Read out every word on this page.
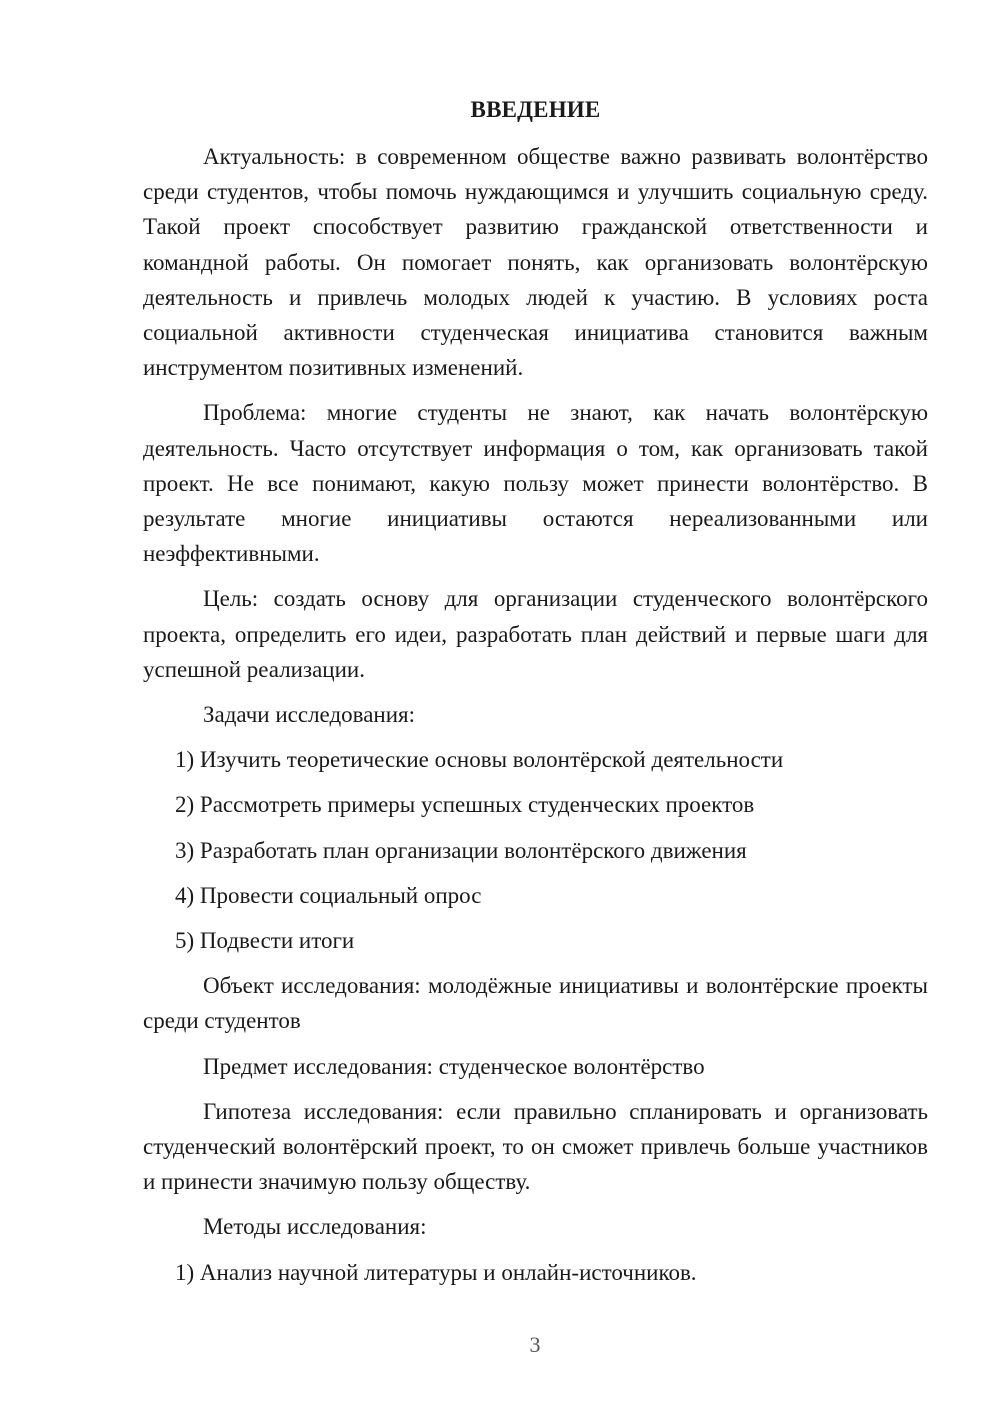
ВВЕДЕНИЕ

Актуальность: в современном обществе важно развивать волонтёрство среди студентов, чтобы помочь нуждающимся и улучшить социальную среду. Такой проект способствует развитию гражданской ответственности и командной работы. Он помогает понять, как организовать волонтёрскую деятельность и привлечь молодых людей к участию. В условиях роста социальной активности студенческая инициатива становится важным инструментом позитивных изменений.

Проблема: многие студенты не знают, как начать волонтёрскую деятельность. Часто отсутствует информация о том, как организовать такой проект. Не все понимают, какую пользу может принести волонтёрство. В результате многие инициативы остаются нереализованными или неэффективными.

Цель: создать основу для организации студенческого волонтёрского проекта, определить его идеи, разработать план действий и первые шаги для успешной реализации.

Задачи исследования:

1) Изучить теоретические основы волонтёрской деятельности
2) Рассмотреть примеры успешных студенческих проектов
3) Разработать план организации волонтёрского движения
4) Провести социальный опрос
5) Подвести итоги

Объект исследования: молодёжные инициативы и волонтёрские проекты среди студентов

Предмет исследования: студенческое волонтёрство

Гипотеза исследования: если правильно спланировать и организовать студенческий волонтёрский проект, то он сможет привлечь больше участников и принести значимую пользу обществу.

Методы исследования:

1) Анализ научной литературы и онлайн-источников.
3
